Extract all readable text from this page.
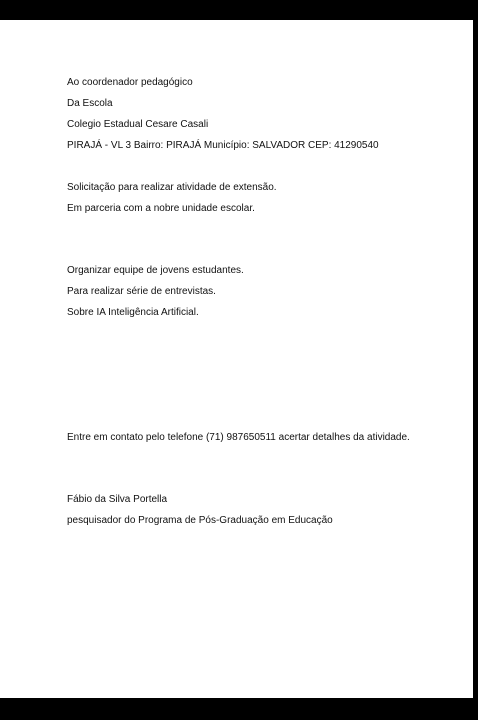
Ao coordenador pedagógico
Da Escola
Colegio Estadual Cesare Casali
PIRAJÁ - VL 3 Bairro: PIRAJÁ Município: SALVADOR CEP: 41290540
Solicitação para realizar atividade de extensão.
Em parceria com a nobre unidade escolar.
Organizar equipe de jovens estudantes.
Para realizar série de entrevistas.
Sobre IA Inteligência Artificial.
Entre em contato pelo telefone (71) 987650511 acertar detalhes da atividade.
Fábio da Silva Portella
pesquisador do Programa de Pós-Graduação em Educação
